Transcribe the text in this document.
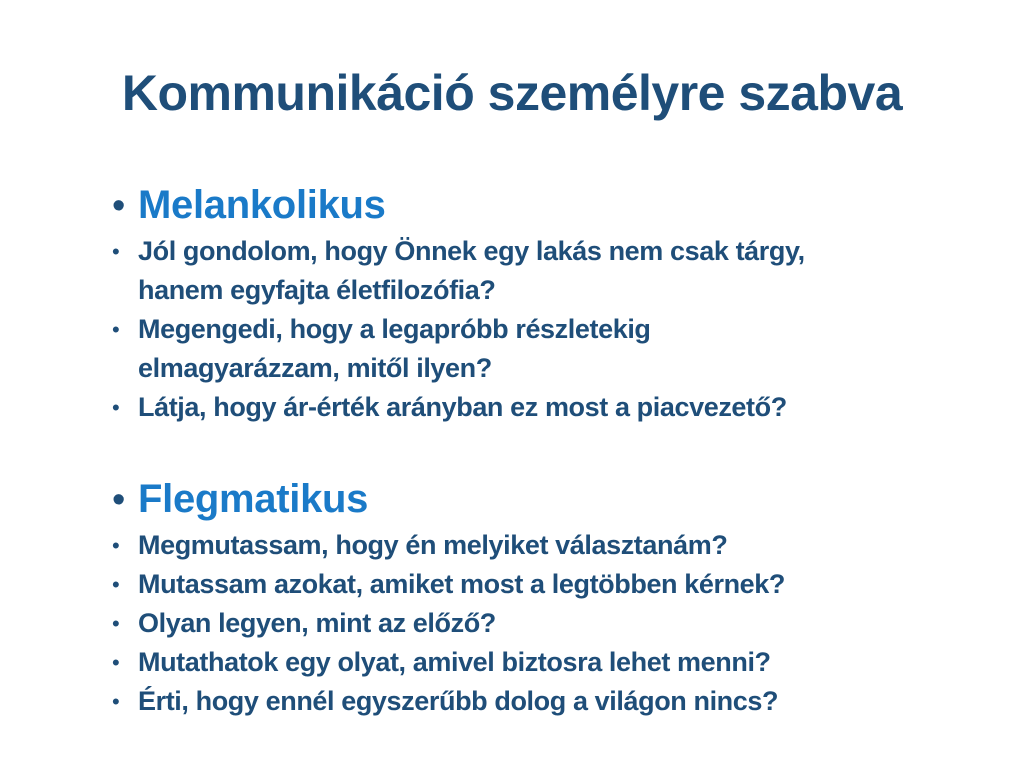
Kommunikáció személyre szabva
• Melankolikus
• Jól gondolom, hogy Önnek egy lakás nem csak tárgy,
hanem egyfajta életfilozófia?
• Megengedi, hogy a legapróbb részletekig
elmagyarázzam, mitől ilyen?
• Látja, hogy ár-érték arányban ez most a piacvezető?
• Flegmatikus
• Megmutassam, hogy én melyiket választanám?
• Mutassam azokat, amiket most a legtöbben kérnek?
• Olyan legyen, mint az előző?
• Mutathatok egy olyat, amivel biztosra lehet menni?
• Érti, hogy ennél egyszerűbb dolog a világon nincs?
